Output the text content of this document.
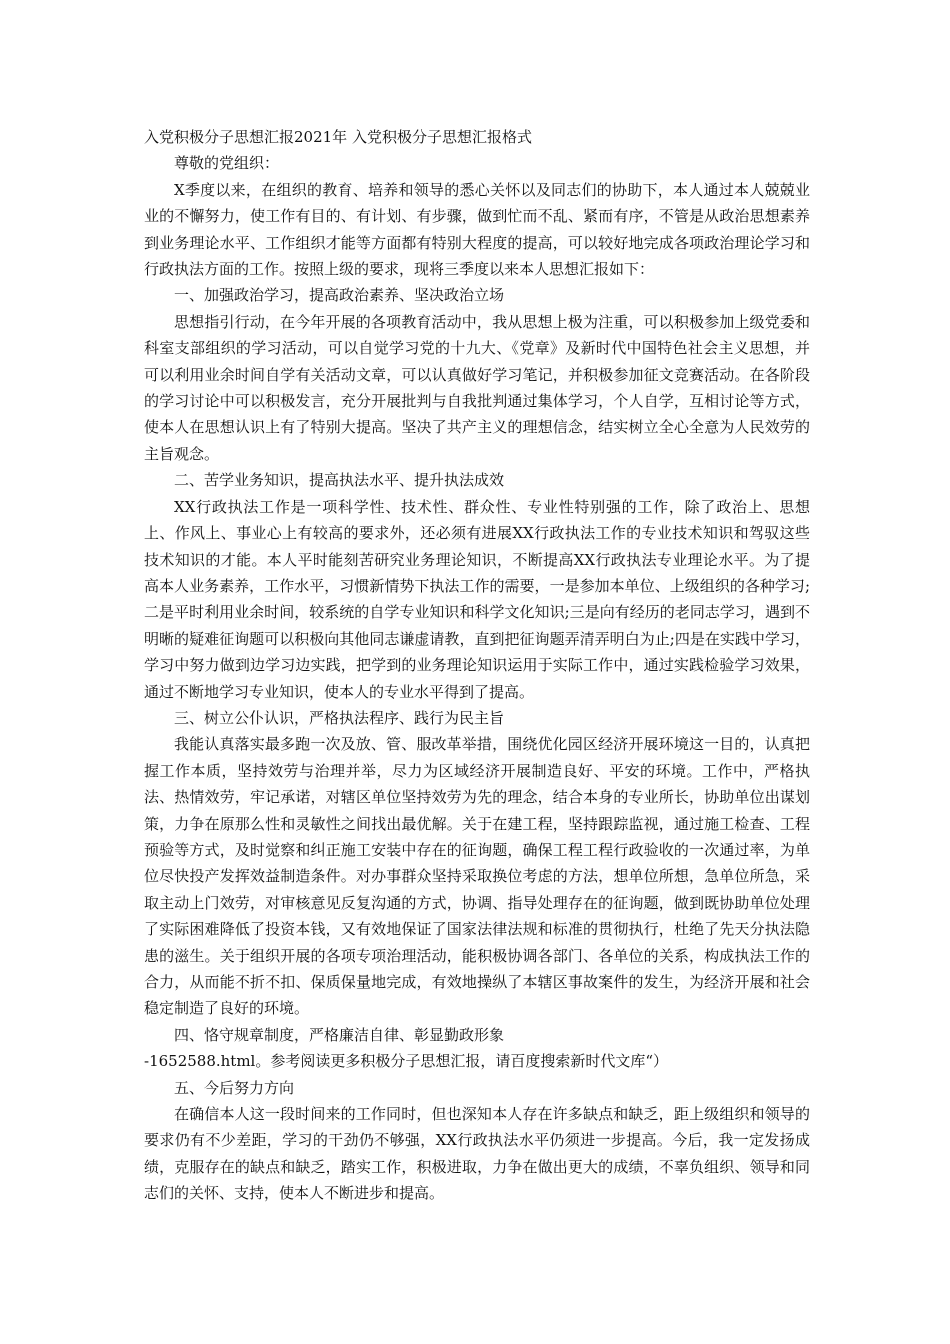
入党积极分子思想汇报2021年 入党积极分子思想汇报格式

尊敬的党组织：

X季度以来，在组织的教育、培养和领导的悉心关怀以及同志们的协助下，本人通过本人兢兢业业的不懈努力，使工作有目的、有计划、有步骤，做到忙而不乱、紧而有序，不管是从政治思想素养到业务理论水平、工作组织才能等方面都有特别大程度的提高，可以较好地完成各项政治理论学习和行政执法方面的工作。按照上级的要求，现将三季度以来本人思想汇报如下：

一、加强政治学习，提高政治素养、坚决政治立场

思想指引行动，在今年开展的各项教育活动中，我从思想上极为注重，可以积极参加上级党委和科室支部组织的学习活动，可以自觉学习党的十九大、《党章》及新时代中国特色社会主义思想，并可以利用业余时间自学有关活动文章，可以认真做好学习笔记，并积极参加征文竞赛活动。在各阶段的学习讨论中可以积极发言，充分开展批判与自我批判通过集体学习，个人自学，互相讨论等方式，使本人在思想认识上有了特别大提高。坚决了共产主义的理想信念，结实树立全心全意为人民效劳的主旨观念。

二、苦学业务知识，提高执法水平、提升执法成效

XX行政执法工作是一项科学性、技术性、群众性、专业性特别强的工作，除了政治上、思想上、作风上、事业心上有较高的要求外，还必须有进展XX行政执法工作的专业技术知识和驾驭这些技术知识的才能。本人平时能刻苦研究业务理论知识，不断提高XX行政执法专业理论水平。为了提高本人业务素养，工作水平，习惯新情势下执法工作的需要，一是参加本单位、上级组织的各种学习;二是平时利用业余时间，较系统的自学专业知识和科学文化知识;三是向有经历的老同志学习，遇到不明晰的疑难征询题可以积极向其他同志谦虚请教，直到把征询题弄清弄明白为止;四是在实践中学习，学习中努力做到边学习边实践，把学到的业务理论知识运用于实际工作中，通过实践检验学习效果，通过不断地学习专业知识，使本人的专业水平得到了提高。

三、树立公仆认识，严格执法程序、践行为民主旨

我能认真落实最多跑一次及放、管、服改革举措，围绕优化园区经济开展环境这一目的，认真把握工作本质，坚持效劳与治理并举，尽力为区域经济开展制造良好、平安的环境。工作中，严格执法、热情效劳，牢记承诺，对辖区单位坚持效劳为先的理念，结合本身的专业所长，协助单位出谋划策，力争在原那么性和灵敏性之间找出最优解。关于在建工程，坚持跟踪监视，通过施工检查、工程预验等方式，及时觉察和纠正施工安装中存在的征询题，确保工程工程行政验收的一次通过率，为单位尽快投产发挥效益制造条件。对办事群众坚持采取换位考虑的方法，想单位所想，急单位所急，采取主动上门效劳，对审核意见反复沟通的方式，协调、指导处理存在的征询题，做到既协助单位处理了实际困难降低了投资本钱，又有效地保证了国家法律法规和标准的贯彻执行，杜绝了先天分执法隐患的滋生。关于组织开展的各项专项治理活动，能积极协调各部门、各单位的关系，构成执法工作的合力，从而能不折不扣、保质保量地完成，有效地操纵了本辖区事故案件的发生，为经济开展和社会稳定制造了良好的环境。

四、恪守规章制度，严格廉洁自律、彰显勤政形象

-1652588.html。参考阅读更多积极分子思想汇报，请百度搜索新时代文库“）

五、今后努力方向

在确信本人这一段时间来的工作同时，但也深知本人存在许多缺点和缺乏，距上级组织和领导的要求仍有不少差距，学习的干劲仍不够强，XX行政执法水平仍须进一步提高。今后，我一定发扬成绩，克服存在的缺点和缺乏，踏实工作，积极进取，力争在做出更大的成绩，不辜负组织、领导和同志们的关怀、支持，使本人不断进步和提高。
